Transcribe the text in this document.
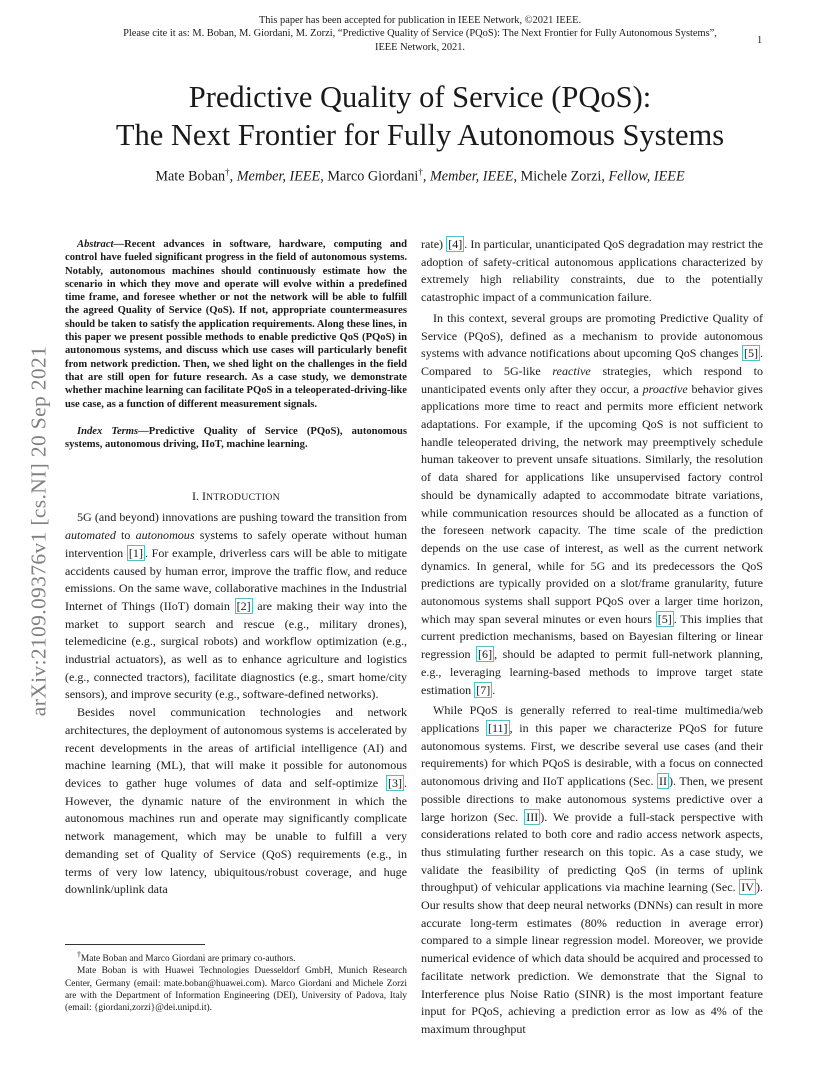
This paper has been accepted for publication in IEEE Network, ©2021 IEEE.
Please cite it as: M. Boban, M. Giordani, M. Zorzi, “Predictive Quality of Service (PQoS): The Next Frontier for Fully Autonomous Systems”,
IEEE Network, 2021.
1
arXiv:2109.09376v1 [cs.NI] 20 Sep 2021
Predictive Quality of Service (PQoS):
The Next Frontier for Fully Autonomous Systems
Mate Boban†, Member, IEEE, Marco Giordani†, Member, IEEE, Michele Zorzi, Fellow, IEEE

Abstract—Recent advances in software, hardware, computing and control have fueled significant progress in the field of autonomous systems. Notably, autonomous machines should continuously estimate how the scenario in which they move and operate will evolve within a predefined time frame, and foresee whether or not the network will be able to fulfill the agreed Quality of Service (QoS). If not, appropriate countermeasures should be taken to satisfy the application requirements. Along these lines, in this paper we present possible methods to enable predictive QoS (PQoS) in autonomous systems, and discuss which use cases will particularly benefit from network prediction. Then, we shed light on the challenges in the field that are still open for future research. As a case study, we demonstrate whether machine learning can facilitate PQoS in a teleoperated-driving-like use case, as a function of different measurement signals.

Index Terms—Predictive Quality of Service (PQoS), autonomous systems, autonomous driving, IIoT, machine learning.

I. INTRODUCTION

5G (and beyond) innovations are pushing toward the transition from automated to autonomous systems to safely operate without human intervention [1] . For example, driverless cars will be able to mitigate accidents caused by human error, improve the traffic flow, and reduce emissions. On the same wave, collaborative machines in the Industrial Internet of Things (IIoT) domain [2] are making their way into the market to support search and rescue (e.g., military drones), telemedicine (e.g., surgical robots) and workflow optimization (e.g., industrial actuators), as well as to enhance agriculture and logistics (e.g., connected tractors), facilitate diagnostics (e.g., smart home/city sensors), and improve security (e.g., software-defined networks).

Besides novel communication technologies and network architectures, the deployment of autonomous systems is accelerated by recent developments in the areas of artificial intelligence (AI) and machine learning (ML), that will make it possible for autonomous devices to gather huge volumes of data and self-optimize [3] . However, the dynamic nature of the environment in which the autonomous machines run and operate may significantly complicate network management, which may be unable to fulfill a very demanding set of Quality of Service (QoS) requirements (e.g., in terms of very low latency, ubiquitous/robust coverage, and huge downlink/uplink data

†Mate Boban and Marco Giordani are primary co-authors.
Mate Boban is with Huawei Technologies Duesseldorf GmbH, Munich Research Center, Germany (email: mate.boban@huawei.com). Marco Giordani and Michele Zorzi are with the Department of Information Engineering (DEI), University of Padova, Italy (email: {giordani,zorzi}@dei.unipd.it).

rate) [4] . In particular, unanticipated QoS degradation may restrict the adoption of safety-critical autonomous applications characterized by extremely high reliability constraints, due to the potentially catastrophic impact of a communication failure.

In this context, several groups are promoting Predictive Quality of Service (PQoS), defined as a mechanism to provide autonomous systems with advance notifications about upcoming QoS changes [5] . Compared to 5G-like reactive strategies, which respond to unanticipated events only after they occur, a proactive behavior gives applications more time to react and permits more efficient network adaptations. For example, if the upcoming QoS is not sufficient to handle teleoperated driving, the network may preemptively schedule human takeover to prevent unsafe situations. Similarly, the resolution of data shared for applications like unsupervised factory control should be dynamically adapted to accommodate bitrate variations, while communication resources should be allocated as a function of the foreseen network capacity. The time scale of the prediction depends on the use case of interest, as well as the current network dynamics. In general, while for 5G and its predecessors the QoS predictions are typically provided on a slot/frame granularity, future autonomous systems shall support PQoS over a larger time horizon, which may span several minutes or even hours [5] . This implies that current prediction mechanisms, based on Bayesian filtering or linear regression [6] , should be adapted to permit full-network planning, e.g., leveraging learning-based methods to improve target state estimation [7] .

While PQoS is generally referred to real-time multimedia/web applications [11] , in this paper we characterize PQoS for future autonomous systems. First, we describe several use cases (and their requirements) for which PQoS is desirable, with a focus on connected autonomous driving and IIoT applications (Sec. II ). Then, we present possible directions to make autonomous systems predictive over a large horizon (Sec. III ). We provide a full-stack perspective with considerations related to both core and radio access network aspects, thus stimulating further research on this topic. As a case study, we validate the feasibility of predicting QoS (in terms of uplink throughput) of vehicular applications via machine learning (Sec. IV ). Our results show that deep neural networks (DNNs) can result in more accurate long-term estimates (80% reduction in average error) compared to a simple linear regression model. Moreover, we provide numerical evidence of which data should be acquired and processed to facilitate network prediction. We demonstrate that the Signal to Interference plus Noise Ratio (SINR) is the most important feature input for PQoS, achieving a prediction error as low as 4% of the maximum throughput
